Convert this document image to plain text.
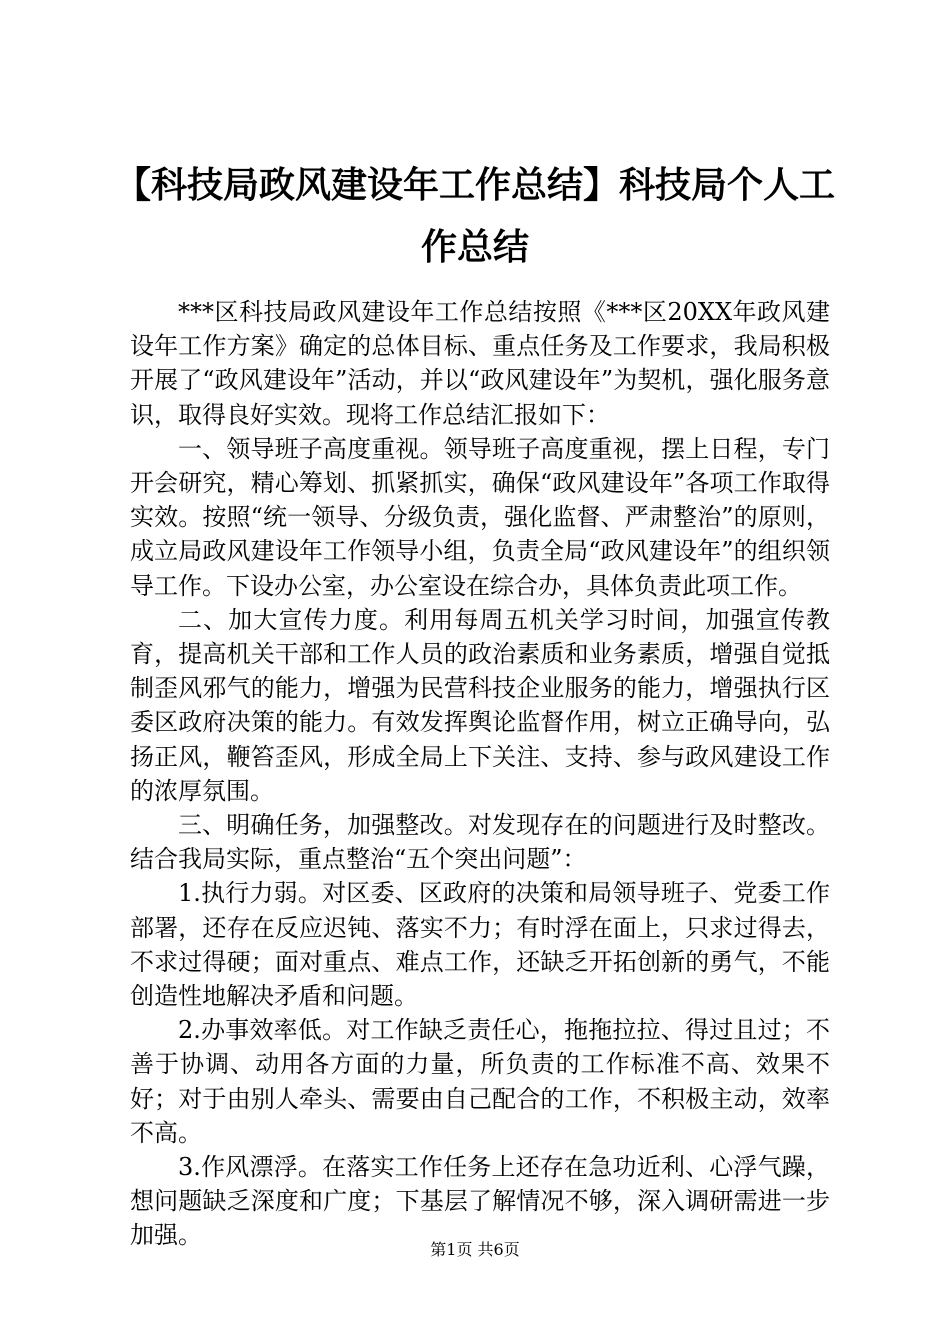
【科技局政风建设年工作总结】科技局个人工作总结

***区科技局政风建设年工作总结按照《***区20XX年政风建设年工作方案》确定的总体目标、重点任务及工作要求，我局积极开展了“政风建设年”活动，并以“政风建设年”为契机，强化服务意识，取得良好实效。现将工作总结汇报如下：

一、领导班子高度重视。领导班子高度重视，摆上日程，专门开会研究，精心筹划、抓紧抓实，确保“政风建设年”各项工作取得实效。按照“统一领导、分级负责，强化监督、严肃整治”的原则，成立局政风建设年工作领导小组，负责全局“政风建设年”的组织领导工作。下设办公室，办公室设在综合办，具体负责此项工作。

二、加大宣传力度。利用每周五机关学习时间，加强宣传教育，提高机关干部和工作人员的政治素质和业务素质，增强自觉抵制歪风邪气的能力，增强为民营科技企业服务的能力，增强执行区委区政府决策的能力。有效发挥舆论监督作用，树立正确导向，弘扬正风，鞭笞歪风，形成全局上下关注、支持、参与政风建设工作的浓厚氛围。

三、明确任务，加强整改。对发现存在的问题进行及时整改。结合我局实际，重点整治“五个突出问题”：

1.执行力弱。对区委、区政府的决策和局领导班子、党委工作部署，还存在反应迟钝、落实不力；有时浮在面上，只求过得去，不求过得硬；面对重点、难点工作，还缺乏开拓创新的勇气，不能创造性地解决矛盾和问题。

2.办事效率低。对工作缺乏责任心，拖拖拉拉、得过且过；不善于协调、动用各方面的力量，所负责的工作标准不高、效果不好；对于由别人牵头、需要由自己配合的工作，不积极主动，效率不高。

3.作风漂浮。在落实工作任务上还存在急功近利、心浮气躁，想问题缺乏深度和广度；下基层了解情况不够，深入调研需进一步加强。

第1页 共6页
